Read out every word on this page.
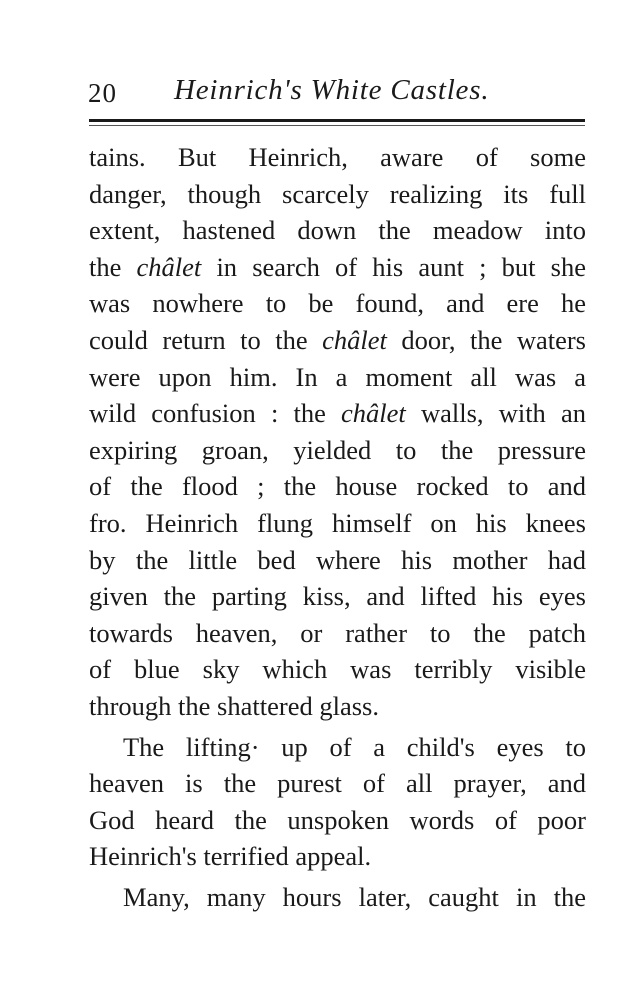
20 Heinrich's White Castles.
tains. But Heinrich, aware of some
danger, though scarcely realizing its full
extent, hastened down the meadow into
the châlet in search of his aunt ; but she
was nowhere to be found, and ere he
could return to the châlet door, the waters
were upon him. In a moment all was a
wild confusion : the châlet walls, with an
expiring groan, yielded to the pressure
of the flood ; the house rocked to and
fro. Heinrich flung himself on his knees
by the little bed where his mother had
given the parting kiss, and lifted his eyes
towards heaven, or rather to the patch
of blue sky which was terribly visible
through the shattered glass.
The lifting· up of a child's eyes to
heaven is the purest of all prayer, and
God heard the unspoken words of poor
Heinrich's terrified appeal.
Many, many hours later, caught in the
